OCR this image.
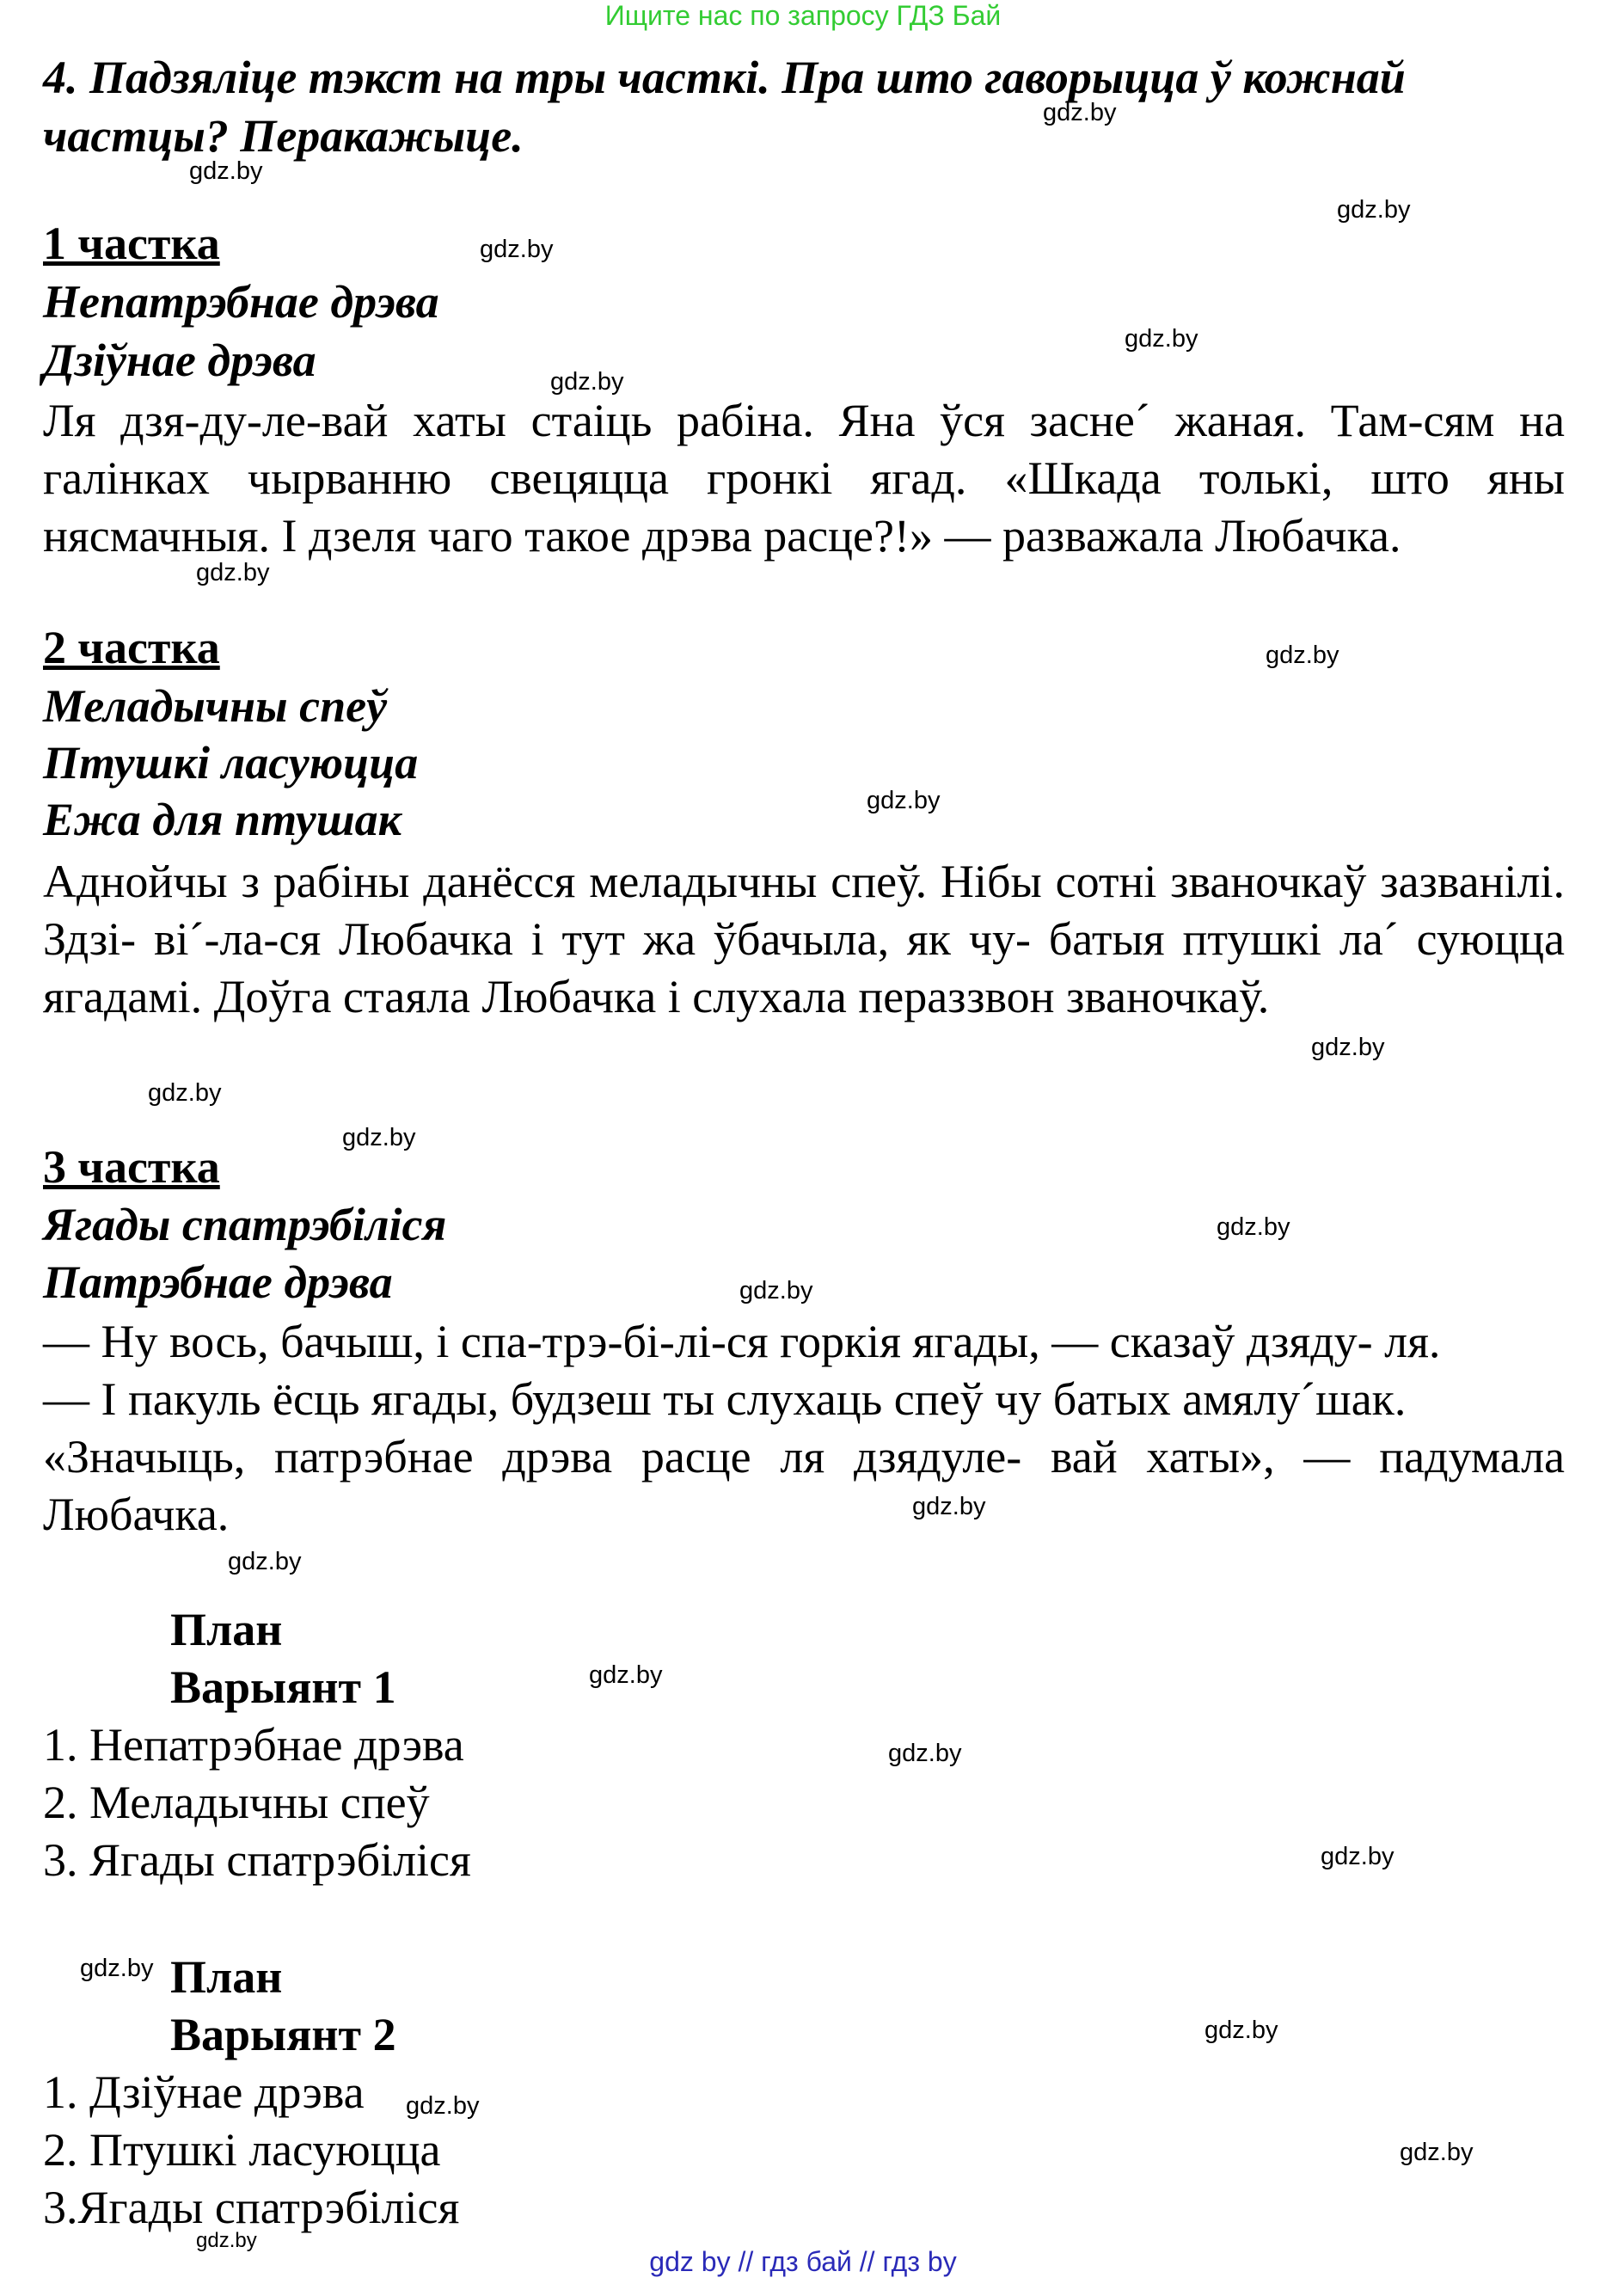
Ищите нас по запросу ГДЗ Бай
4. Падзяліце тэкст на тры часткі. Пра што гаворыцца ў кожнай частцы? Перакажыце.
1 частка
Непатрэбнае дрэва
Дзіўнае дрэва
Ля дзя-ду-ле-вай хаты стаіць рабіна. Яна ўся засне´ жаная. Там-сям на галінках чырванню свецяцца гронкі ягад. «Шкада толькі, што яны нясмачныя. І дзеля чаго такое дрэва расце?!» — разважала Любачка.
2 частка
Меладычны спеў
Птушкі ласуюцца
Ежа для птушак
Аднойчы з рабіны данёсся меладычны спеў. Нібы сотні званочкаў зазванілі. Здзі- ві´-ла-ся Любачка і тут жа ўбачыла, як чу- батыя птушкі ла´ суюцца ягадамі. Доўга стаяла Любачка і слухала пераззвон званочкаў.
3 частка
Ягады спатрэбіліся
Патрэбнае дрэва
— Ну вось, бачыш, і спа-трэ-бі-лі-ся горкія ягады, — сказаў дзяду- ля.
— І пакуль ёсць ягады, будзеш ты слухаць спеў чу батых амялу´шак.
«Значыць, патрэбнае дрэва расце ля дзядуле- вай хаты», — падумала Любачка.
План
Варыянт 1
1. Непатрэбнае дрэва
2. Меладычны спеў
3. Ягады спатрэбіліся
План
Варыянт 2
1. Дзіўнае дрэва
2. Птушкі ласуюцца
3.Ягады спатрэбіліся
gdz.by
gdz.by
gdz.by
gdz.by
gdz.by
gdz.by
gdz.by
gdz.by
gdz.by
gdz.by
gdz.by
gdz.by
gdz.by
gdz.by
gdz.by
gdz.by
gdz.by
gdz.by
gdz.by
gdz.by
gdz.by
gdz.by
gdz.by
gdz.by
gdz by // гдз бай // гдз by
